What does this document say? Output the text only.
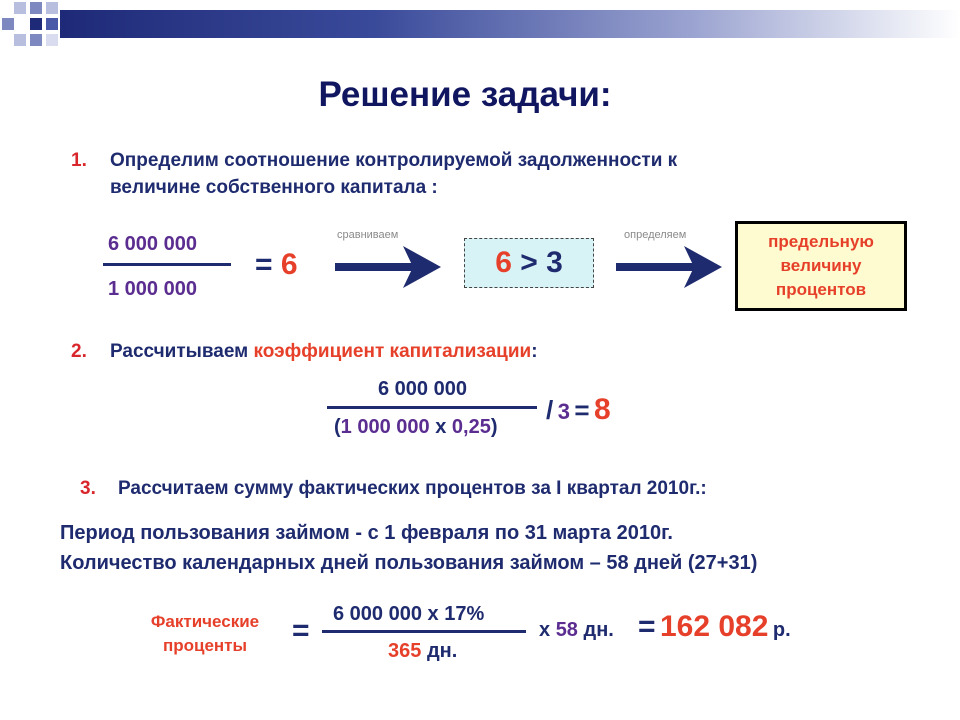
Решение задачи:
1. Определим соотношение контролируемой задолженности к
величине собственного капитала :
6 000 000
1 000 000
= 6
сравниваем
6 > 3
определяем	предельную
величину
процентов
2. Рассчитываем коэффициент капитализации:
6 000 000
(1 000 000 х 0,25)
/ 3 = 8
3. Рассчитаем сумму фактических процентов за I квартал 2010г.:
Период пользования займом - с 1 февраля по 31 марта 2010г.
Количество календарных дней пользования займом – 58 дней (27+31)
Фактические
проценты	= 6 000 000 х 17%
365 дн.
х 58 дн. = 162 082 р.
